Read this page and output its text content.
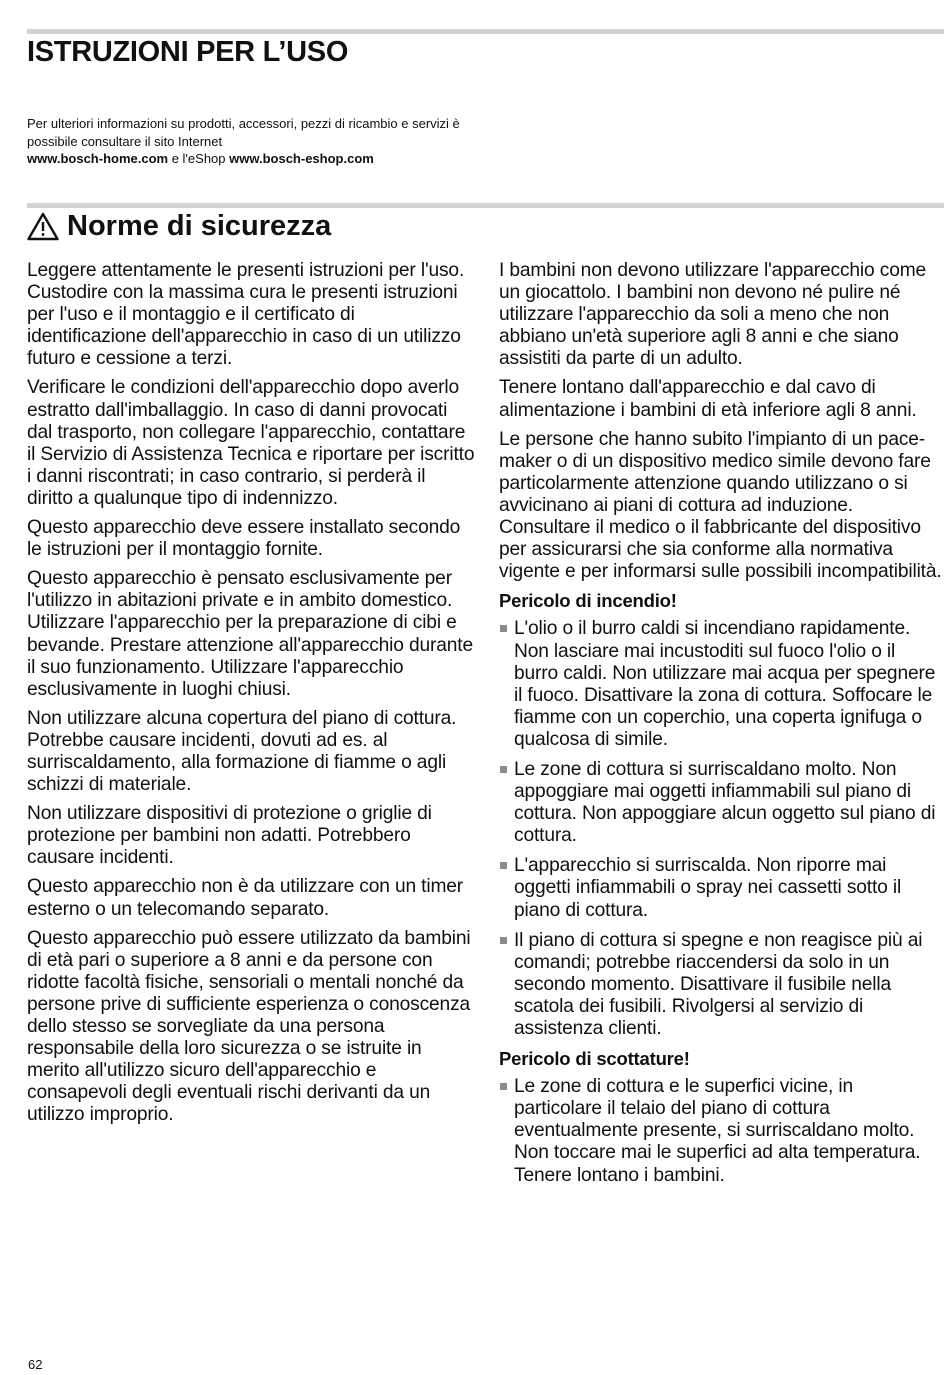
ISTRUZIONI PER L’USO

Per ulteriori informazioni su prodotti, accessori, pezzi di ricambio e servizi è possibile consultare il sito Internet
www.bosch-home.com e l'eShop www.bosch-eshop.com

Norme di sicurezza

Leggere attentamente le presenti istruzioni per l'uso. Custodire con la massima cura le presenti istruzioni per l'uso e il montaggio e il certificato di identificazione dell'apparecchio in caso di un utilizzo futuro e cessione a terzi.

Verificare le condizioni dell'apparecchio dopo averlo estratto dall'imballaggio. In caso di danni provocati dal trasporto, non collegare l'apparecchio, contattare il Servizio di Assistenza Tecnica e riportare per iscritto i danni riscontrati; in caso contrario, si perderà il diritto a qualunque tipo di indennizzo.

Questo apparecchio deve essere installato secondo le istruzioni per il montaggio fornite.

Questo apparecchio è pensato esclusivamente per l'utilizzo in abitazioni private e in ambito domestico. Utilizzare l'apparecchio per la preparazione di cibi e bevande. Prestare attenzione all'apparecchio durante il suo funzionamento. Utilizzare l'apparecchio esclusivamente in luoghi chiusi.

Non utilizzare alcuna copertura del piano di cottura. Potrebbe causare incidenti, dovuti ad es. al surriscaldamento, alla formazione di fiamme o agli schizzi di materiale.

Non utilizzare dispositivi di protezione o griglie di protezione per bambini non adatti. Potrebbero causare incidenti.

Questo apparecchio non è da utilizzare con un timer esterno o un telecomando separato.

Questo apparecchio può essere utilizzato da bambini di età pari o superiore a 8 anni e da persone con ridotte facoltà fisiche, sensoriali o mentali nonché da persone prive di sufficiente esperienza o conoscenza dello stesso se sorvegliate da una persona responsabile della loro sicurezza o se istruite in merito all'utilizzo sicuro dell'apparecchio e consapevoli degli eventuali rischi derivanti da un utilizzo improprio.

I bambini non devono utilizzare l'apparecchio come un giocattolo. I bambini non devono né pulire né utilizzare l'apparecchio da soli a meno che non abbiano un'età superiore agli 8 anni e che siano assistiti da parte di un adulto.

Tenere lontano dall'apparecchio e dal cavo di alimentazione i bambini di età inferiore agli 8 anni.

Le persone che hanno subito l'impianto di un pace-maker o di un dispositivo medico simile devono fare particolarmente attenzione quando utilizzano o si avvicinano ai piani di cottura ad induzione. Consultare il medico o il fabbricante del dispositivo per assicurarsi che sia conforme alla normativa vigente e per informarsi sulle possibili incompatibilità.

Pericolo di incendio!
L'olio o il burro caldi si incendiano rapidamente. Non lasciare mai incustoditi sul fuoco l'olio o il burro caldi. Non utilizzare mai acqua per spegnere il fuoco. Disattivare la zona di cottura. Soffocare le fiamme con un coperchio, una coperta ignifuga o qualcosa di simile.
Le zone di cottura si surriscaldano molto. Non appoggiare mai oggetti infiammabili sul piano di cottura. Non appoggiare alcun oggetto sul piano di cottura.
L'apparecchio si surriscalda. Non riporre mai oggetti infiammabili o spray nei cassetti sotto il piano di cottura.
Il piano di cottura si spegne e non reagisce più ai comandi; potrebbe riaccendersi da solo in un secondo momento. Disattivare il fusibile nella scatola dei fusibili. Rivolgersi al servizio di assistenza clienti.
Pericolo di scottature!
Le zone di cottura e le superfici vicine, in particolare il telaio del piano di cottura eventualmente presente, si surriscaldano molto. Non toccare mai le superfici ad alta temperatura. Tenere lontano i bambini.

62
